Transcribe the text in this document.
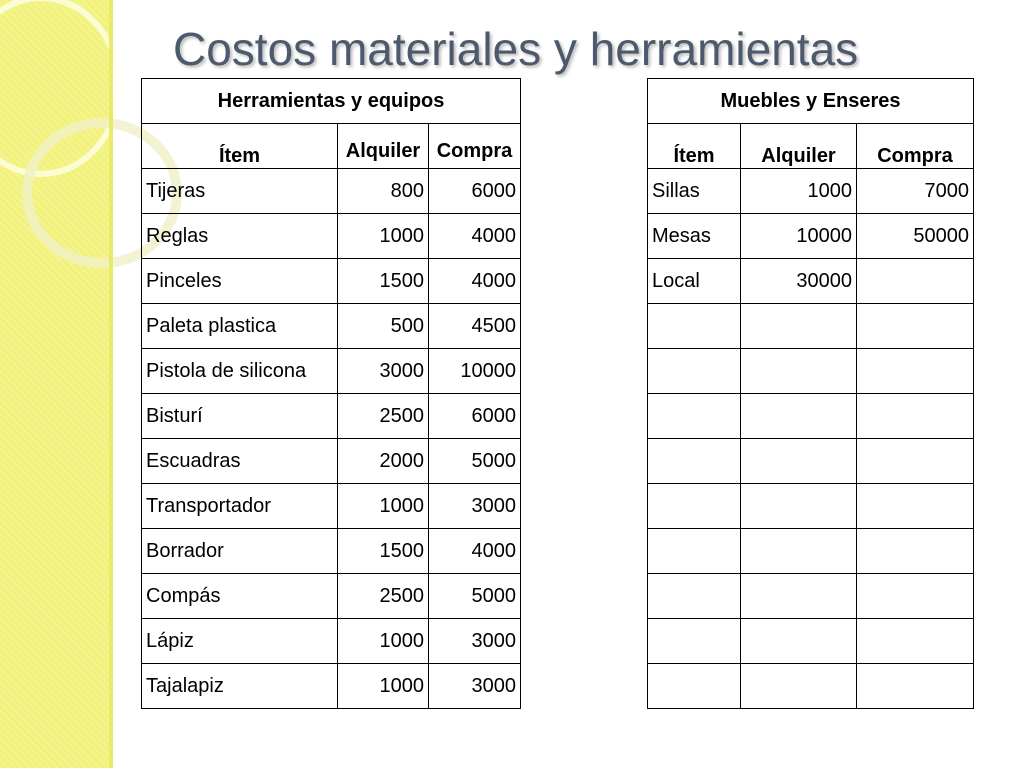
Costos materiales y herramientas
Herramientas y equipos		
Ítem	Alquiler	Compra
Tijeras	800	6000
Reglas	1000	4000
Pinceles	1500	4000
Paleta plastica	500	4500
Pistola de silicona	3000	10000
Bisturí	2500	6000
Escuadras	2000	5000
Transportador	1000	3000
Borrador	1500	4000
Compás	2500	5000
Lápiz	1000	3000
Tajalapiz	1000	3000
Muebles y Enseres		
Ítem	Alquiler	Compra
Sillas	1000	7000
Mesas	10000	50000
Local	30000	
